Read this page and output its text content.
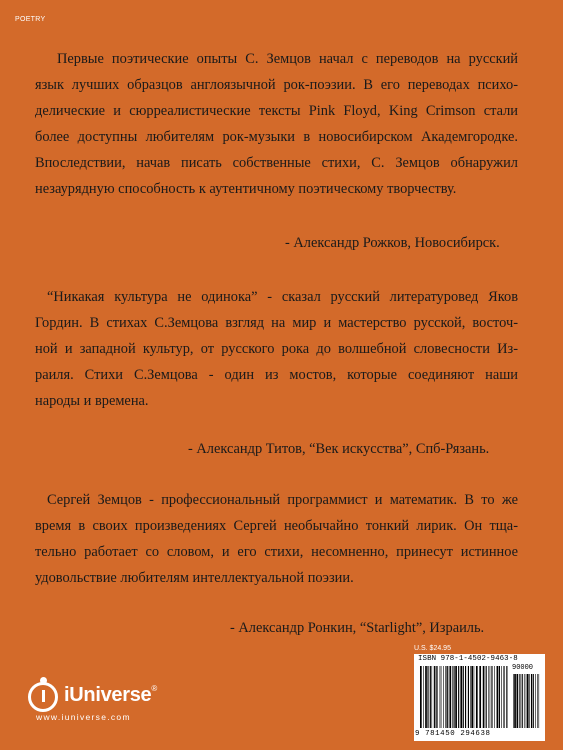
POETRY

Первые поэтические опыты С. Земцов начал с переводов на русский
язык лучших образцов англоязычной рок-поэзии. В его переводах психо-
делические и сюрреалистические тексты Pink Floyd, King Crimson стали
более доступны любителям рок-музыки в новосибирском Академгородке.
Впоследствии, начав писать собственные стихи, С. Земцов обнаружил
незаурядную способность к аутентичному поэтическому творчеству.

- Александр Рожков, Новосибирск.

“Никакая культура не одинока” - сказал русский литературовед Яков
Гордин. В стихах С.Земцова взгляд на мир и мастерство русской, восточ-
ной и западной культур, от русского рока до волшебной словесности Из-
раиля. Стихи С.Земцова - один из мостов, которые соединяют наши
народы и времена.

- Александр Титов, “Век искусства”, Спб-Рязань.

Сергей Земцов - профессиональный программист и математик. В то же
время в своих произведениях Сергей необычайно тонкий лирик. Он тща-
тельно работает со словом, и его стихи, несомненно, принесут истинное
удовольствие любителям интеллектуальной поэзии.

- Александр Ронкин, “Starlight”, Израиль.
iUniverse®
www.iuniverse.com
U.S. $24.95
ISBN 978-1-4502-9463-8
90000
9 781450 294638
